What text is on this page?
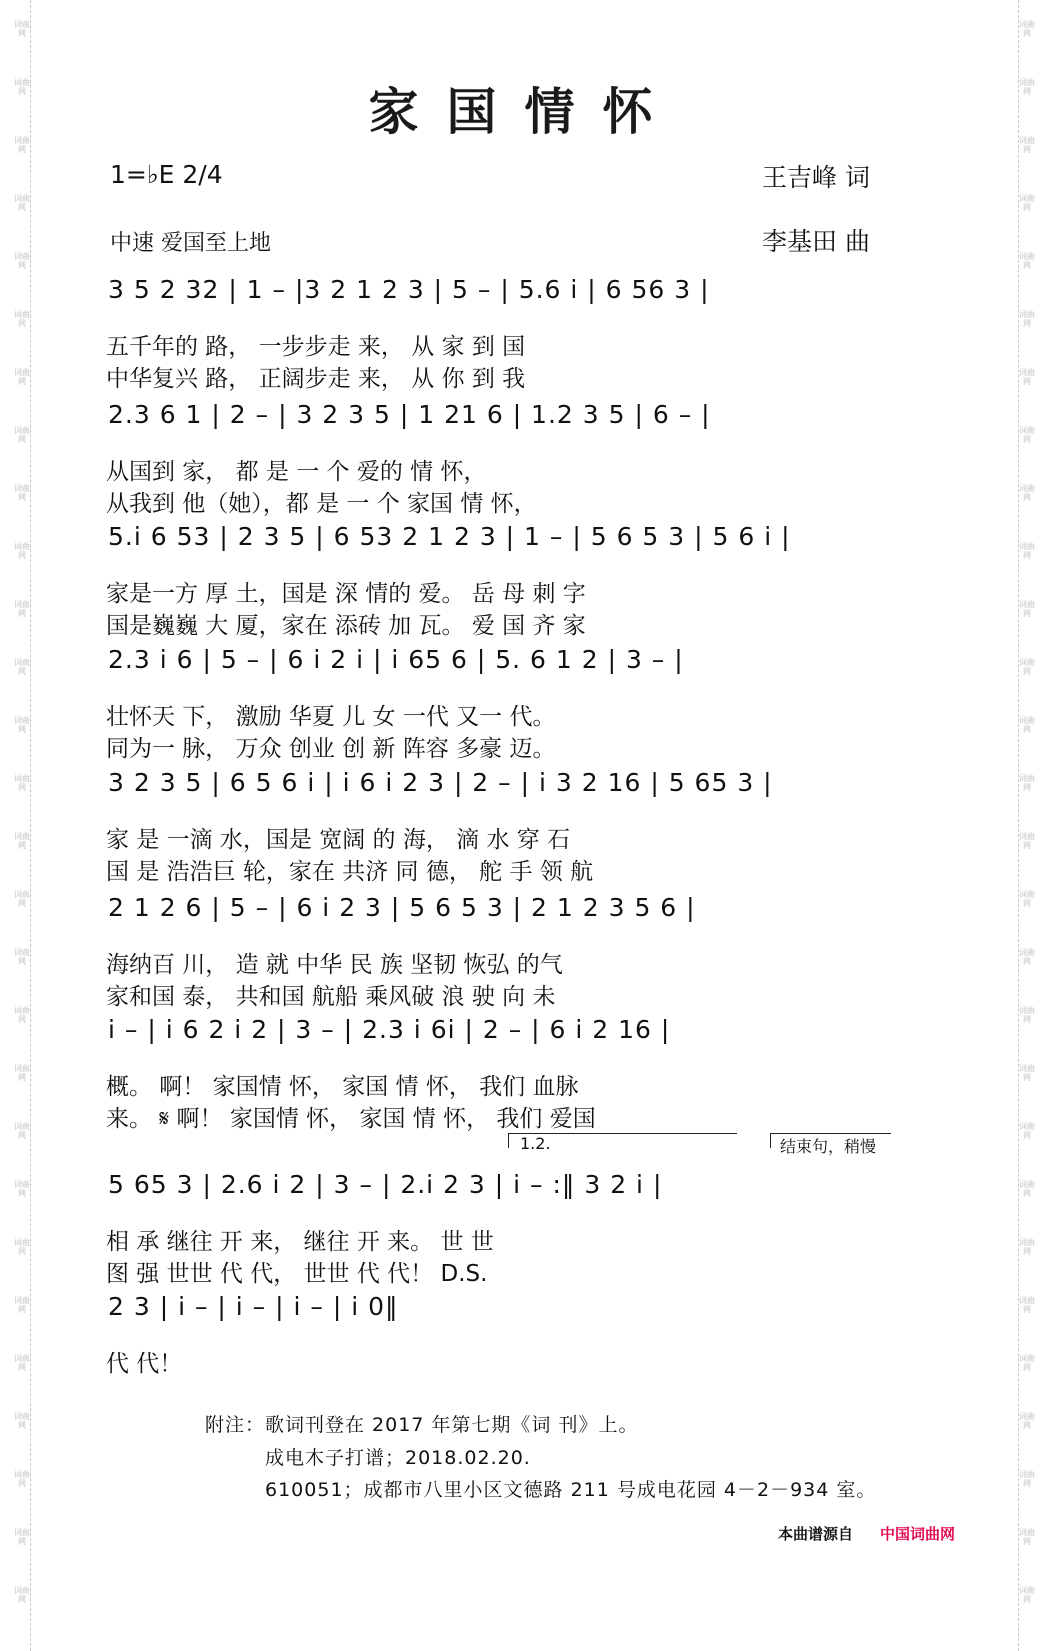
词曲网
词曲网
词曲网
词曲网
词曲网
词曲网
词曲网
词曲网
词曲网
词曲网
词曲网
词曲网
词曲网
词曲网
词曲网
词曲网
词曲网
词曲网
词曲网
词曲网
词曲网
词曲网
词曲网
词曲网
词曲网
词曲网
词曲网
词曲网
词曲网
词曲网
词曲网
词曲网
词曲网
词曲网
词曲网
词曲网
词曲网
词曲网
词曲网
词曲网
词曲网
词曲网
词曲网
词曲网
词曲网
词曲网
词曲网
词曲网
词曲网
词曲网
词曲网
词曲网
词曲网
词曲网
词曲网
词曲网
家国情怀
1=♭E 2/4
中速 爱国至上地
王吉峰 词
李基田 曲
3 5 2 32 | 1 – |3 2 1 2 3 | 5 – | 5.6 i | 6 56 3 |
五千年的 路， 一步步走 来， 从 家 到 国
中华复兴 路， 正阔步走 来， 从 你 到 我
2.3 6 1 | 2 – | 3 2 3 5 | 1 21 6 | 1.2 3 5 | 6 – |
从国到 家， 都 是 一 个 爱的 情 怀，
从我到 他（她），都 是 一 个 家国 情 怀，
5.i 6 53 | 2 3 5 | 6 53 2 1 2 3 | 1 – | 5 6 5 3 | 5 6 i |
家是一方 厚 土，国是 深 情的 爱。 岳 母 刺 字
国是巍巍 大 厦，家在 添砖 加 瓦。 爱 国 齐 家
2.3 i 6 | 5 – | 6 i 2 i | i 65 6 | 5. 6 1 2 | 3 – |
壮怀天 下， 激励 华夏 儿 女 一代 又一 代。
同为一 脉， 万众 创业 创 新 阵容 多豪 迈。
3 2 3 5 | 6 5 6 i | i 6 i 2 3 | 2 – | i 3 2 16 | 5 65 3 |
家 是 一滴 水，国是 宽阔 的 海， 滴 水 穿 石
国 是 浩浩巨 轮，家在 共济 同 德， 舵 手 领 航
2 1 2 6 | 5 – | 6 i 2 3 | 5 6 5 3 | 2 1 2 3 5 6 |
海纳百 川， 造 就 中华 民 族 坚韧 恢弘 的气
家和国 泰， 共和国 航船 乘风破 浪 驶 向 未
i – | i 6 2 i 2 | 3 – | 2.3 i 6i | 2 – | 6 i 2 16 |
概。 啊！ 家国情 怀， 家国 情 怀， 我们 血脉
来。 𝄋 啊！ 家国情 怀， 家国 情 怀， 我们 爱国
5 65 3 | 2.6 i 2 | 3 – | 2.i 2 3 | i – :‖ 3 2 i |
相 承 继往 开 来， 继往 开 来。 世 世
图 强 世世 代 代， 世世 代 代！ D.S.
2 3 | i – | i – | i – | i 0‖
代 代！
1.2.	结束句，稍慢
附注：歌词刊登在 2017 年第七期《词 刊》上。
成电木子打谱；2018.02.20.
610051；成都市八里小区文德路 211 号成电花园 4－2－934 室。
本曲谱源自 中国词曲网
